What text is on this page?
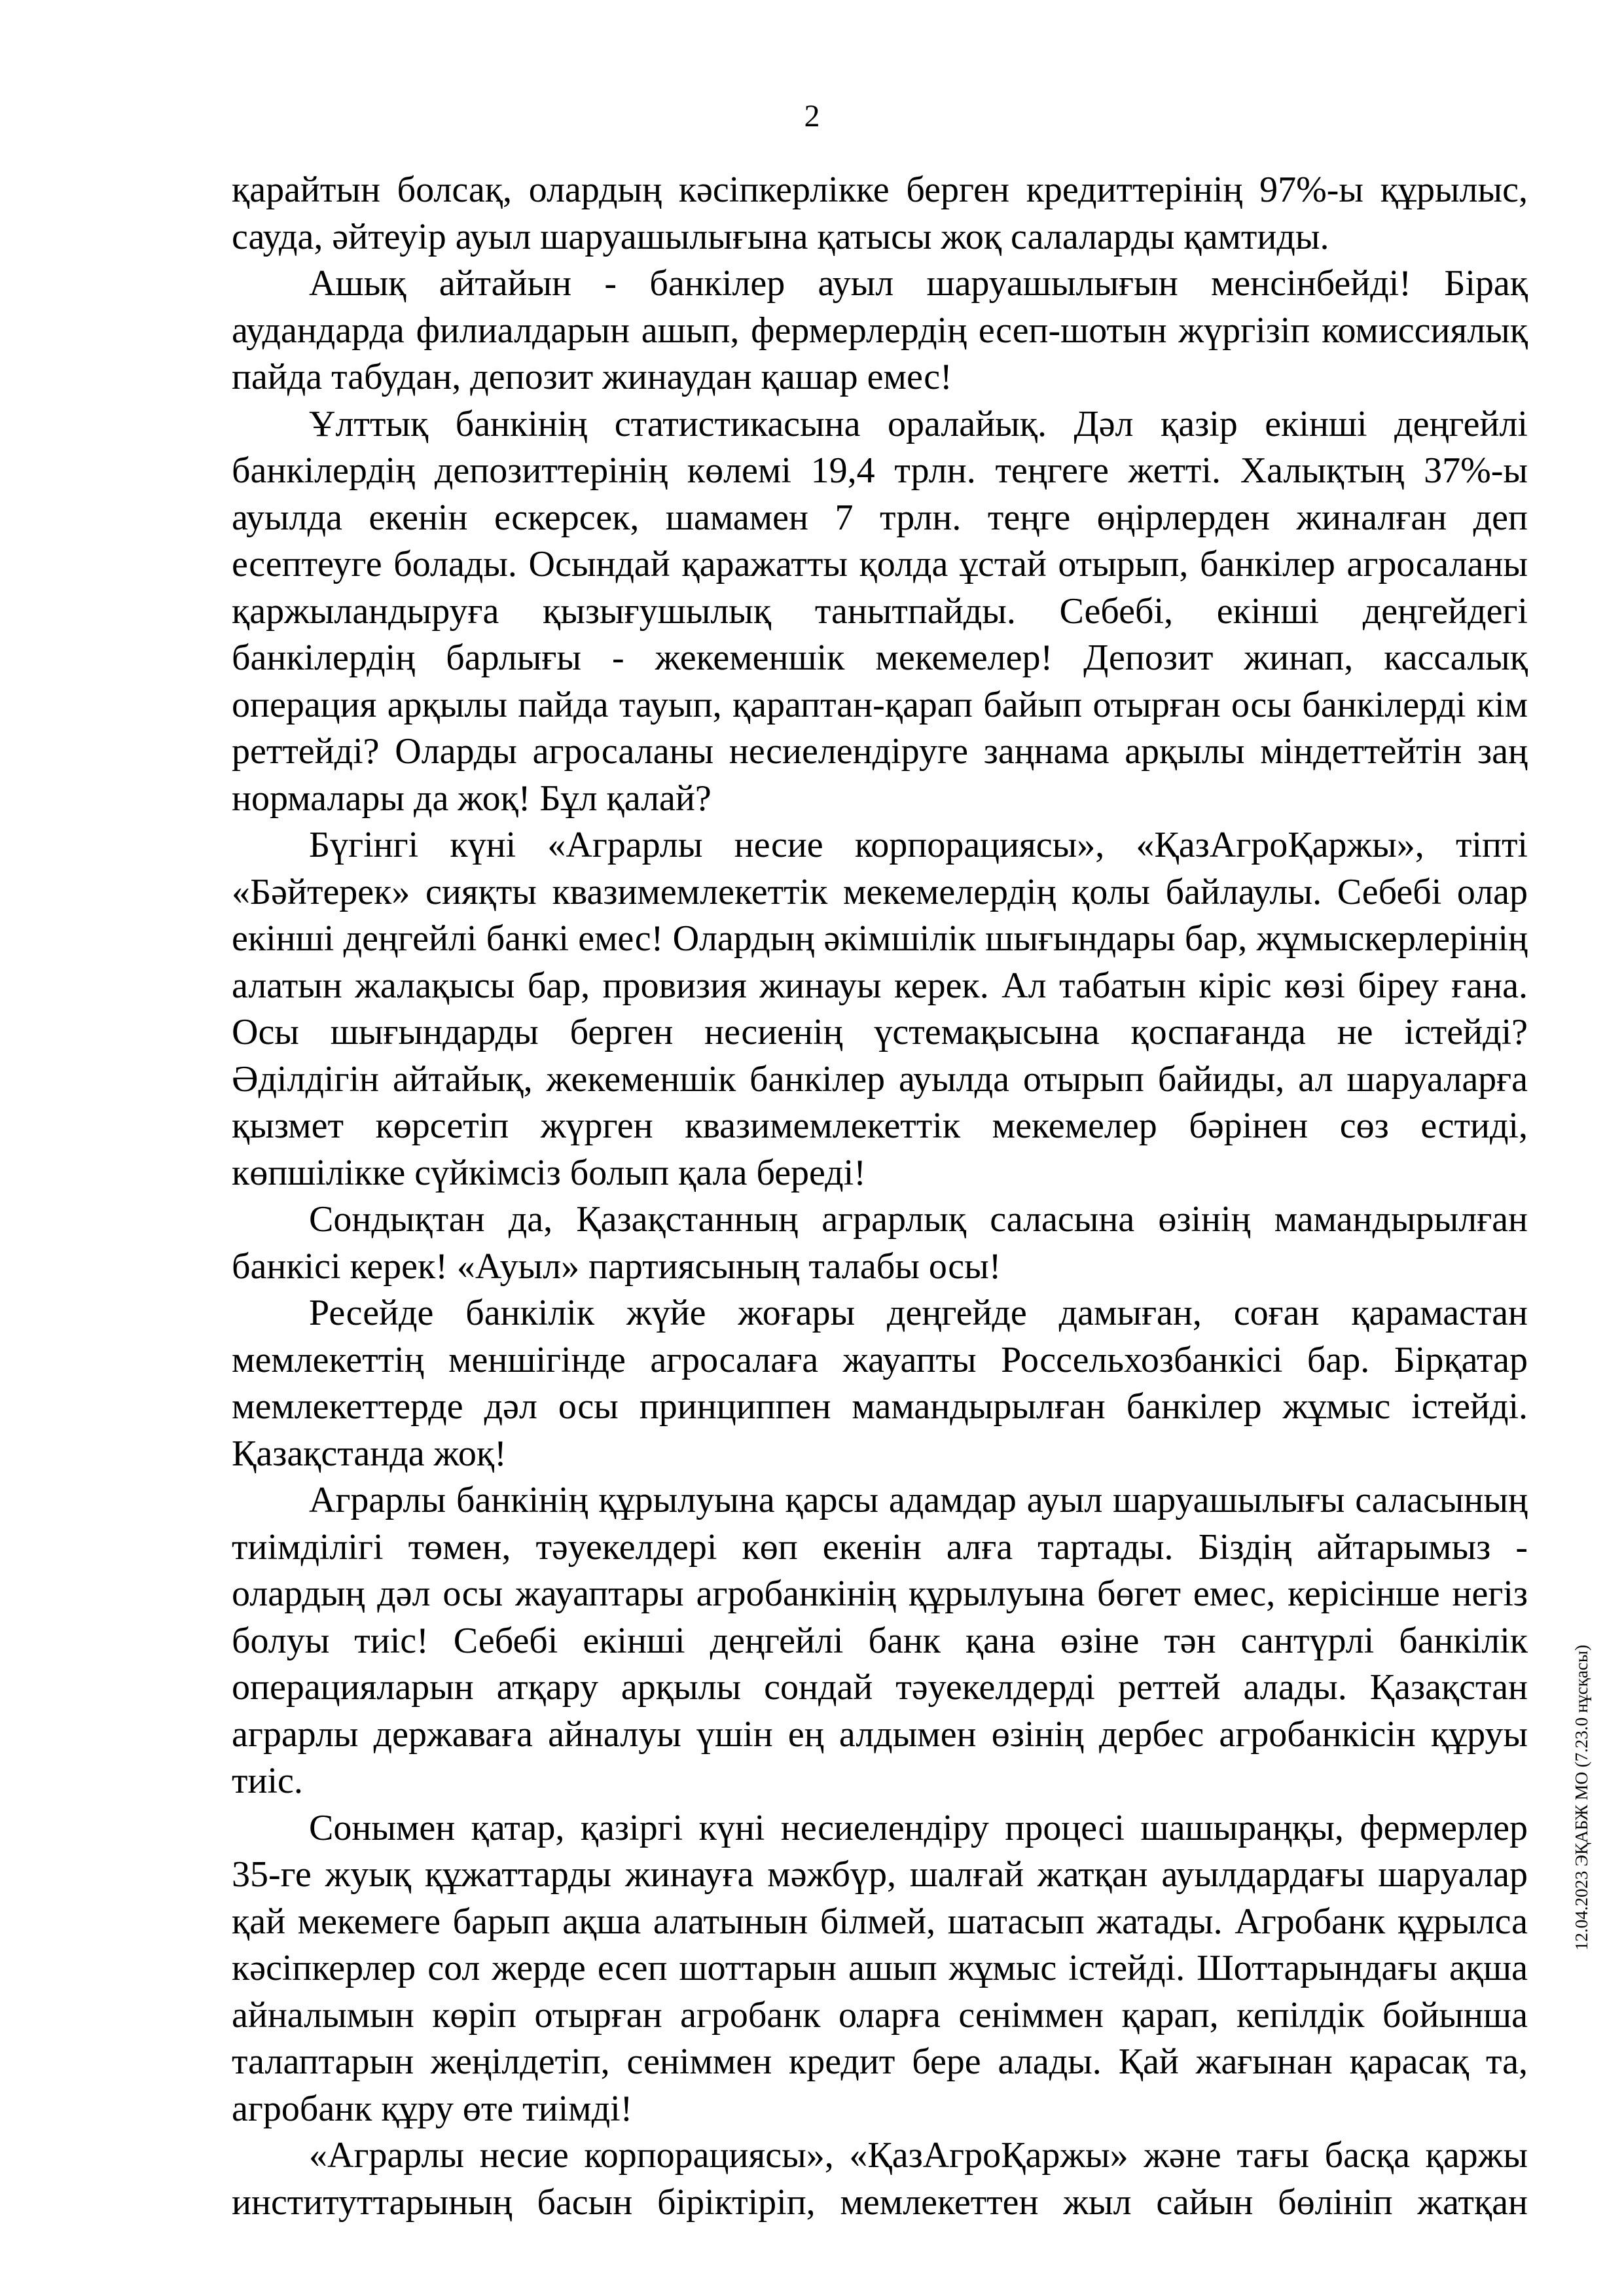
2

қарайтын болсақ, олардың кәсіпкерлікке берген кредиттерінің 97%-ы құрылыс, сауда, әйтеуір ауыл шаруашылығына қатысы жоқ салаларды қамтиды.

Ашық айтайын - банкілер ауыл шаруашылығын менсінбейді! Бірақ аудандарда филиалдарын ашып, фермерлердің есеп-шотын жүргізіп комиссиялық пайда табудан, депозит жинаудан қашар емес!

Ұлттық банкінің статистикасына оралайық. Дәл қазір екінші деңгейлі банкілердің депозиттерінің көлемі 19,4 трлн. теңгеге жетті. Халықтың 37%-ы ауылда екенін ескерсек, шамамен 7 трлн. теңге өңірлерден жиналған деп есептеуге болады. Осындай қаражатты қолда ұстай отырып, банкілер агросаланы қаржыландыруға қызығушылық танытпайды. Себебі, екінші деңгейдегі банкілердің барлығы - жекеменшік мекемелер! Депозит жинап, кассалық операция арқылы пайда тауып, қараптан-қарап байып отырған осы банкілерді кім реттейді? Оларды агросаланы несиелендіруге заңнама арқылы міндеттейтін заң нормалары да жоқ! Бұл қалай?

Бүгінгі күні «Аграрлы несие корпорациясы», «ҚазАгроҚаржы», тіпті «Бәйтерек» сияқты квазимемлекеттік мекемелердің қолы байлаулы. Себебі олар екінші деңгейлі банкі емес! Олардың әкімшілік шығындары бар, жұмыскерлерінің алатын жалақысы бар, провизия жинауы керек. Ал табатын кіріс көзі біреу ғана. Осы шығындарды берген несиенің үстемақысына қоспағанда не істейді? Әділдігін айтайық, жекеменшік банкілер ауылда отырып байиды, ал шаруаларға қызмет көрсетіп жүрген квазимемлекеттік мекемелер бәрінен сөз естиді, көпшілікке сүйкімсіз болып қала береді!

Сондықтан да, Қазақстанның аграрлық саласына өзінің мамандырылған банкісі керек! «Ауыл» партиясының талабы осы!

Ресейде банкілік жүйе жоғары деңгейде дамыған, соған қарамастан мемлекеттің меншігінде агросалаға жауапты Россельхозбанкісі бар. Бірқатар мемлекеттерде дәл осы принциппен мамандырылған банкілер жұмыс істейді. Қазақстанда жоқ!

Аграрлы банкінің құрылуына қарсы адамдар ауыл шаруашылығы саласының тиімділігі төмен, тәуекелдері көп екенін алға тартады. Біздің айтарымыз - олардың дәл осы жауаптары агробанкінің құрылуына бөгет емес, керісінше негіз болуы тиіс! Себебі екінші деңгейлі банк қана өзіне тән сантүрлі банкілік операцияларын атқару арқылы сондай тәуекелдерді реттей алады. Қазақстан аграрлы державаға айналуы үшін ең алдымен өзінің дербес агробанкісін құруы тиіс.

Сонымен қатар, қазіргі күні несиелендіру процесі шашыраңқы, фермерлер 35-ге жуық құжаттарды жинауға мәжбүр, шалғай жатқан ауылдардағы шаруалар қай мекемеге барып ақша алатынын білмей, шатасып жатады. Агробанк құрылса кәсіпкерлер сол жерде есеп шоттарын ашып жұмыс істейді. Шоттарындағы ақша айналымын көріп отырған агробанк оларға сеніммен қарап, кепілдік бойынша талаптарын жеңілдетіп, сеніммен кредит бере алады. Қай жағынан қарасақ та, агробанк құру өте тиімді!

«Аграрлы несие корпорациясы», «ҚазАгроҚаржы» және тағы басқа қаржы институттарының басын біріктіріп, мемлекеттен жыл сайын бөлініп жатқан

12.04.2023 ЭҚАБЖ МО (7.23.0 нұсқасы)
